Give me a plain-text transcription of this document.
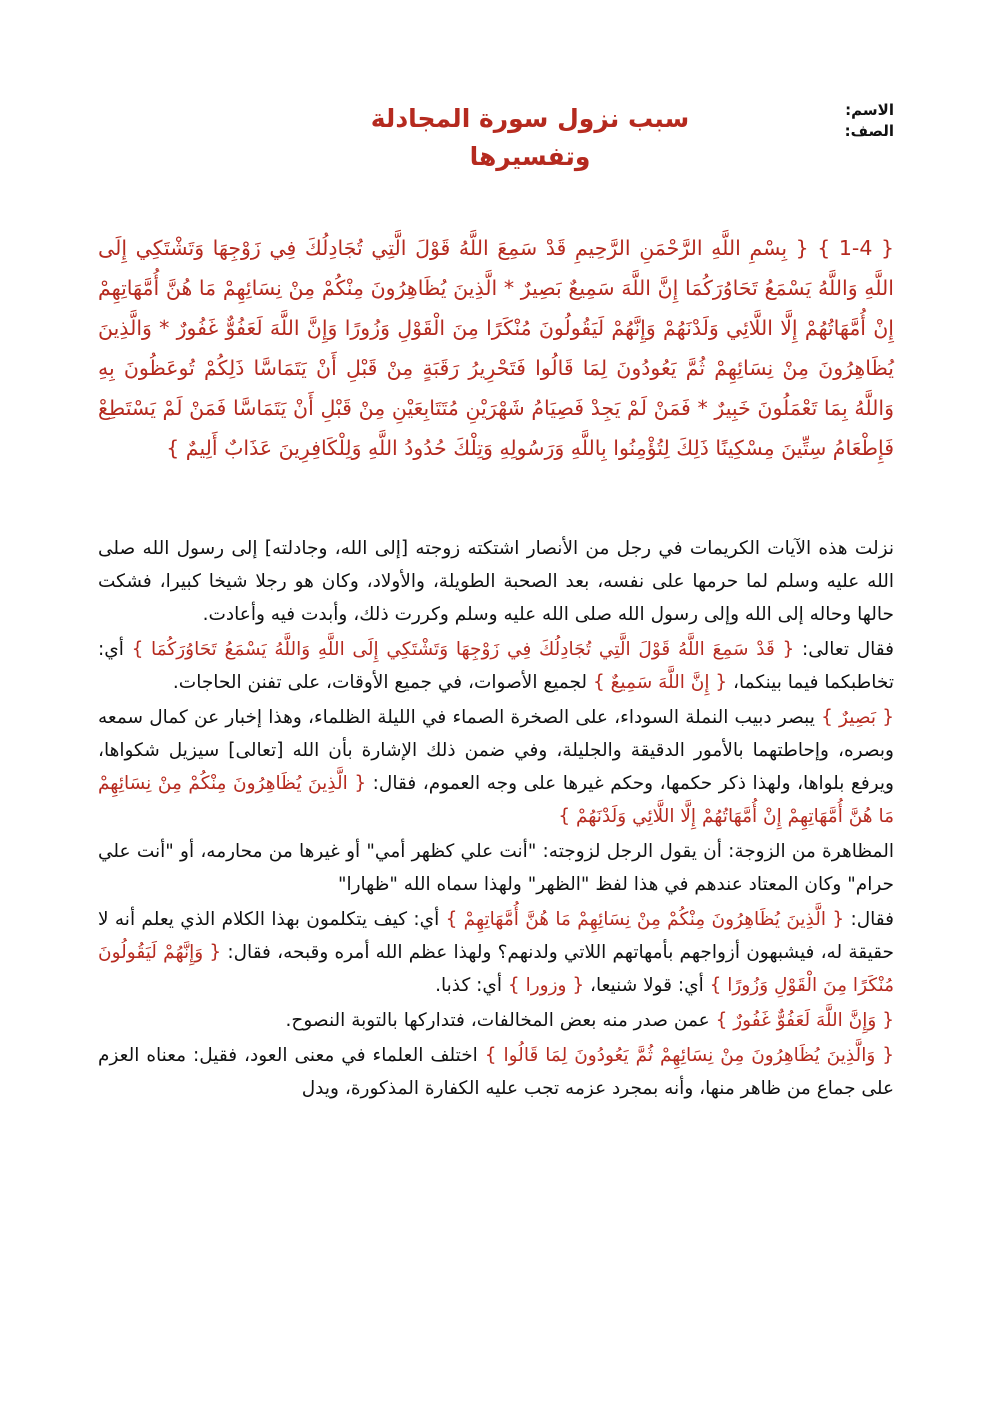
الاسم:
الصف:
سبب نزول سورة المجادلة
وتفسيرها
{ 1-4 } { بِسْمِ اللَّهِ الرَّحْمَنِ الرَّحِيمِ قَدْ سَمِعَ اللَّهُ قَوْلَ الَّتِي تُجَادِلُكَ فِي زَوْجِهَا وَتَشْتَكِي إِلَى اللَّهِ وَاللَّهُ يَسْمَعُ تَحَاوُرَكُمَا إِنَّ اللَّهَ سَمِيعٌ بَصِيرٌ * الَّذِينَ يُظَاهِرُونَ مِنْكُمْ مِنْ نِسَائِهِمْ مَا هُنَّ أُمَّهَاتِهِمْ إِنْ أُمَّهَاتُهُمْ إِلَّا اللَّائِي وَلَدْنَهُمْ وَإِنَّهُمْ لَيَقُولُونَ مُنْكَرًا مِنَ الْقَوْلِ وَزُورًا وَإِنَّ اللَّهَ لَعَفُوٌّ غَفُورٌ * وَالَّذِينَ يُظَاهِرُونَ مِنْ نِسَائِهِمْ ثُمَّ يَعُودُونَ لِمَا قَالُوا فَتَحْرِيرُ رَقَبَةٍ مِنْ قَبْلِ أَنْ يَتَمَاسَّا ذَلِكُمْ تُوعَظُونَ بِهِ وَاللَّهُ بِمَا تَعْمَلُونَ خَبِيرٌ * فَمَنْ لَمْ يَجِدْ فَصِيَامُ شَهْرَيْنِ مُتَتَابِعَيْنِ مِنْ قَبْلِ أَنْ يَتَمَاسَّا فَمَنْ لَمْ يَسْتَطِعْ فَإِطْعَامُ سِتِّينَ مِسْكِينًا ذَلِكَ لِتُؤْمِنُوا بِاللَّهِ وَرَسُولِهِ وَتِلْكَ حُدُودُ اللَّهِ وَلِلْكَافِرِينَ عَذَابٌ أَلِيمٌ }

نزلت هذه الآيات الكريمات في رجل من الأنصار اشتكته زوجته [إلى الله، وجادلته] إلى رسول الله صلى الله عليه وسلم لما حرمها على نفسه، بعد الصحبة الطويلة، والأولاد، وكان هو رجلا شيخا كبيرا، فشكت حالها وحاله إلى الله وإلى رسول الله صلى الله عليه وسلم وكررت ذلك، وأبدت فيه وأعادت.

فقال تعالى: { قَدْ سَمِعَ اللَّهُ قَوْلَ الَّتِي تُجَادِلُكَ فِي زَوْجِهَا وَتَشْتَكِي إِلَى اللَّهِ وَاللَّهُ يَسْمَعُ تَحَاوُرَكُمَا } أي: تخاطبكما فيما بينكما، { إِنَّ اللَّهَ سَمِيعٌ } لجميع الأصوات، في جميع الأوقات، على تفنن الحاجات.

{ بَصِيرٌ } يبصر دبيب النملة السوداء، على الصخرة الصماء في الليلة الظلماء، وهذا إخبار عن كمال سمعه وبصره، وإحاطتهما بالأمور الدقيقة والجليلة، وفي ضمن ذلك الإشارة بأن الله [تعالى] سيزيل شكواها، ويرفع بلواها، ولهذا ذكر حكمها، وحكم غيرها على وجه العموم، فقال: { الَّذِينَ يُظَاهِرُونَ مِنْكُمْ مِنْ نِسَائِهِمْ مَا هُنَّ أُمَّهَاتِهِمْ إِنْ أُمَّهَاتُهُمْ إِلَّا اللَّائِي وَلَدْنَهُمْ }

المظاهرة من الزوجة: أن يقول الرجل لزوجته: "أنت علي كظهر أمي" أو غيرها من محارمه، أو "أنت علي حرام" وكان المعتاد عندهم في هذا لفظ "الظهر" ولهذا سماه الله "ظهارا"

فقال: { الَّذِينَ يُظَاهِرُونَ مِنْكُمْ مِنْ نِسَائِهِمْ مَا هُنَّ أُمَّهَاتِهِمْ } أي: كيف يتكلمون بهذا الكلام الذي يعلم أنه لا حقيقة له، فيشبهون أزواجهم بأمهاتهم اللاتي ولدنهم؟ ولهذا عظم الله أمره وقبحه، فقال: { وَإِنَّهُمْ لَيَقُولُونَ مُنْكَرًا مِنَ الْقَوْلِ وَزُورًا } أي: قولا شنيعا، { وزورا } أي: كذبا.

{ وَإِنَّ اللَّهَ لَعَفُوٌّ غَفُورٌ } عمن صدر منه بعض المخالفات، فتداركها بالتوبة النصوح.

{ وَالَّذِينَ يُظَاهِرُونَ مِنْ نِسَائِهِمْ ثُمَّ يَعُودُونَ لِمَا قَالُوا } اختلف العلماء في معنى العود، فقيل: معناه العزم على جماع من ظاهر منها، وأنه بمجرد عزمه تجب عليه الكفارة المذكورة، ويدل
